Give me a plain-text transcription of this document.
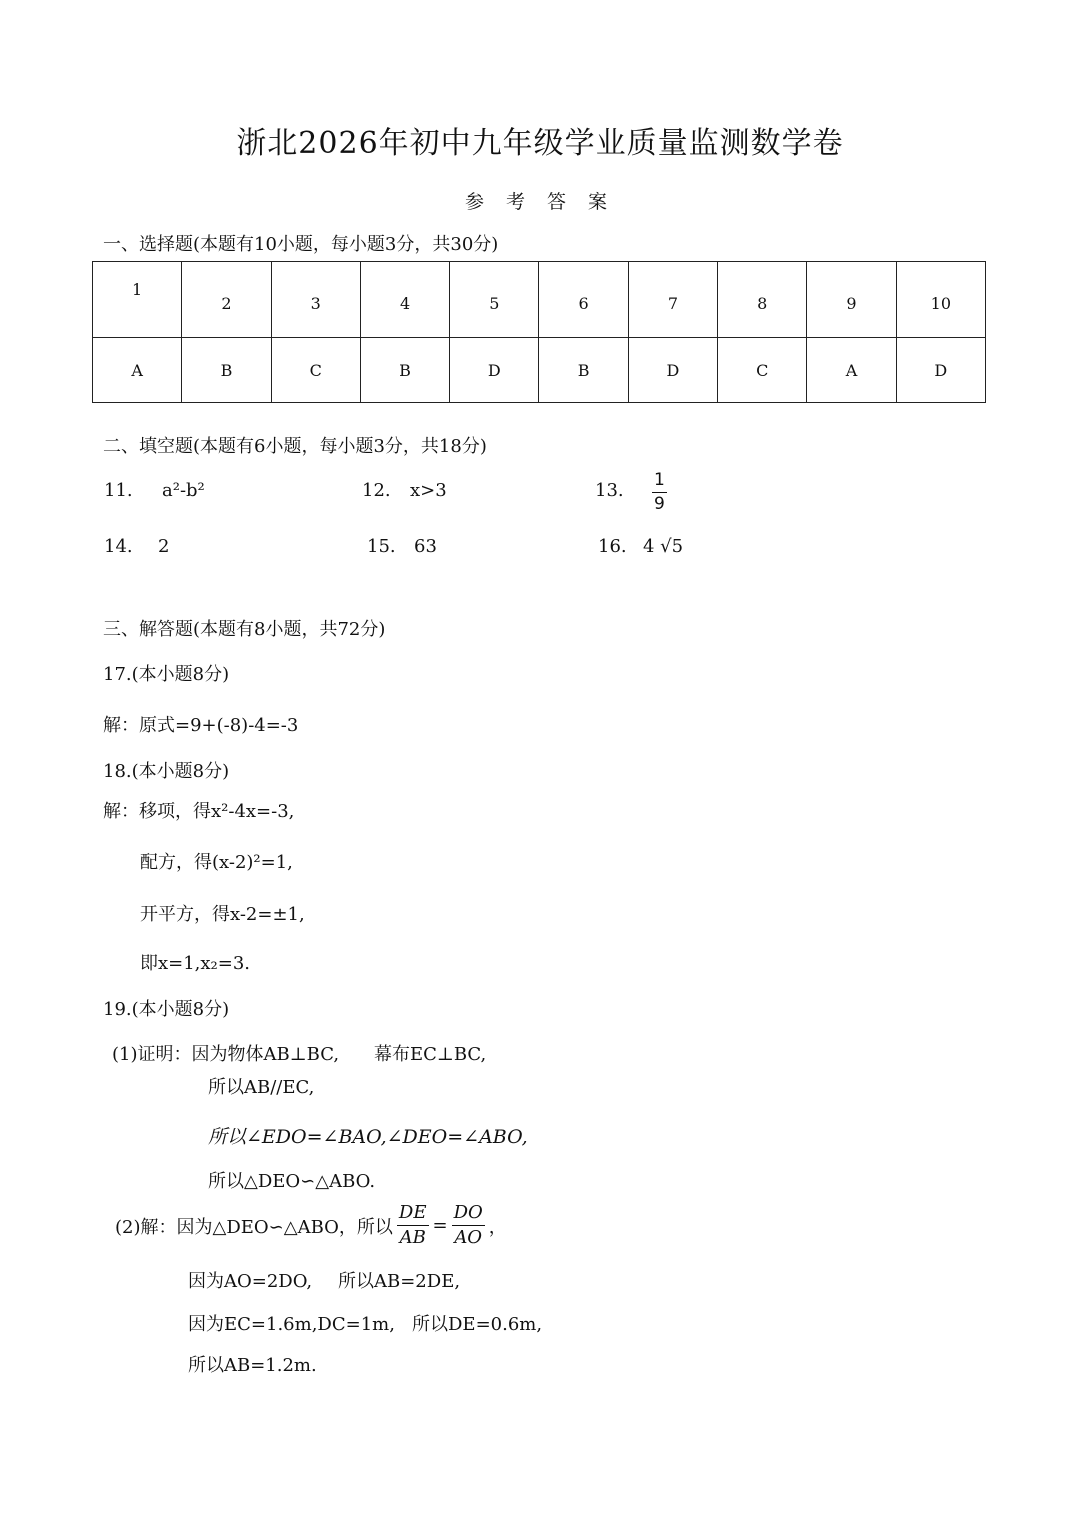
浙北2026年初中九年级学业质量监测数学卷
参 考 答 案
一、选择题(本题有10小题，每小题3分，共30分)
1	2	3	4	5	6	7	8	9	10
A	B	C	B	D	B	D	C	A	D
二、填空题(本题有6小题，每小题3分，共18分)
11. a²-b²	12. x>3	13. $\frac{1}{9}$
14. 2	15. 63	16. 4 √5
三、解答题(本题有8小题，共72分)
17.(本小题8分)
解：原式=9+(-8)-4=-3
18.(本小题8分)
解：移项，得x²-4x=-3,
配方，得(x-2)²=1,
开平方，得x-2=±1,
即x=1,x₂=3.
19.(本小题8分)
(1)证明：因为物体AB⊥BC, 幕布EC⊥BC,
所以AB//EC,
所以∠EDO=∠BAO,∠DEO=∠ABO,
所以△DEO∽△ABO.
(2)解：因为△DEO∽△ABO，所以 $\frac{DE}{AB} = \frac{DO}{AO}$ ，
因为AO=2DO, 所以AB=2DE,
因为EC=1.6m,DC=1m, 所以DE=0.6m,
所以AB=1.2m.
